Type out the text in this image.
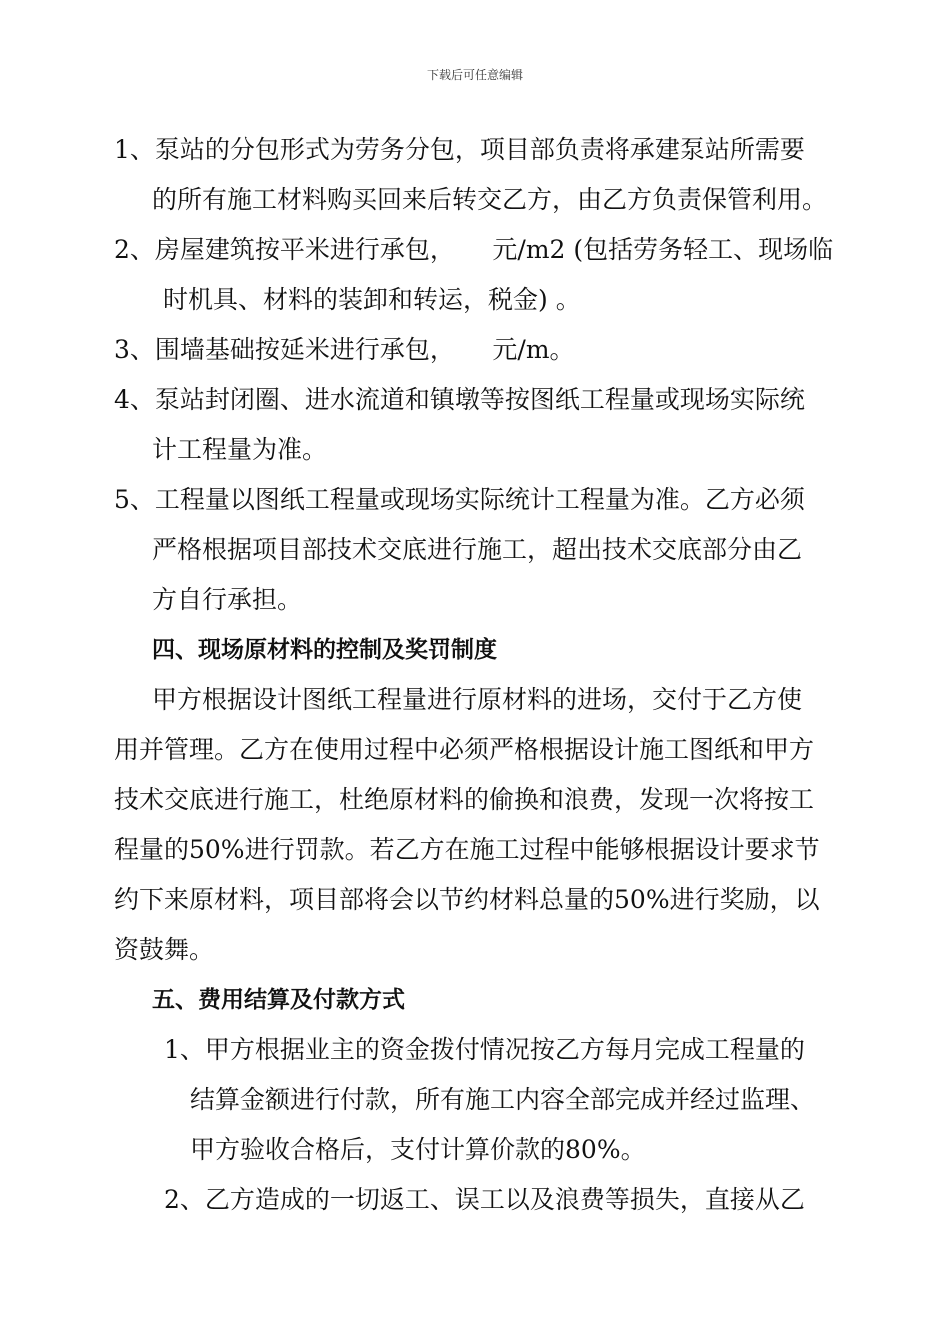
下载后可任意编辑
1、泵站的分包形式为劳务分包，项目部负责将承建泵站所需要
的所有施工材料购买回来后转交乙方，由乙方负责保管利用。
2、房屋建筑按平米进行承包，　　元/m2 (包括劳务轻工、现场临
时机具、材料的装卸和转运，税金) 。
3、围墙基础按延米进行承包，　　元/m。
4、泵站封闭圈、进水流道和镇墩等按图纸工程量或现场实际统
计工程量为准。
5、工程量以图纸工程量或现场实际统计工程量为准。乙方必须
严格根据项目部技术交底进行施工，超出技术交底部分由乙
方自行承担。
四、现场原材料的控制及奖罚制度
甲方根据设计图纸工程量进行原材料的进场，交付于乙方使
用并管理。乙方在使用过程中必须严格根据设计施工图纸和甲方
技术交底进行施工，杜绝原材料的偷换和浪费，发现一次将按工
程量的50%进行罚款。若乙方在施工过程中能够根据设计要求节
约下来原材料，项目部将会以节约材料总量的50%进行奖励，以
资鼓舞。
五、费用结算及付款方式
1、甲方根据业主的资金拨付情况按乙方每月完成工程量的
结算金额进行付款，所有施工内容全部完成并经过监理、
甲方验收合格后，支付计算价款的80%。
2、乙方造成的一切返工、误工以及浪费等损失，直接从乙
